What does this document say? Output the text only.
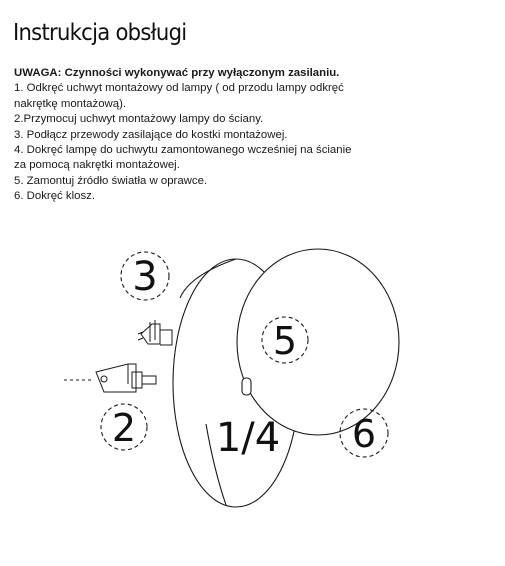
Instrukcja obsługi
UWAGA: Czynności wykonywać przy wyłączonym zasilaniu.
1. Odkręć uchwyt montażowy od lampy ( od przodu lampy odkręć
nakrętkę montażową).
2.Przymocuj uchwyt montażowy lampy do ściany.
3. Podłącz przewody zasilające do kostki montażowej.
4. Dokręć lampę do uchwytu zamontowanego wcześniej na ścianie
za pomocą nakrętki montażowej.
5. Zamontuj źródło światła w oprawce.
6. Dokręć klosz.
3
5
2 1/4 6
